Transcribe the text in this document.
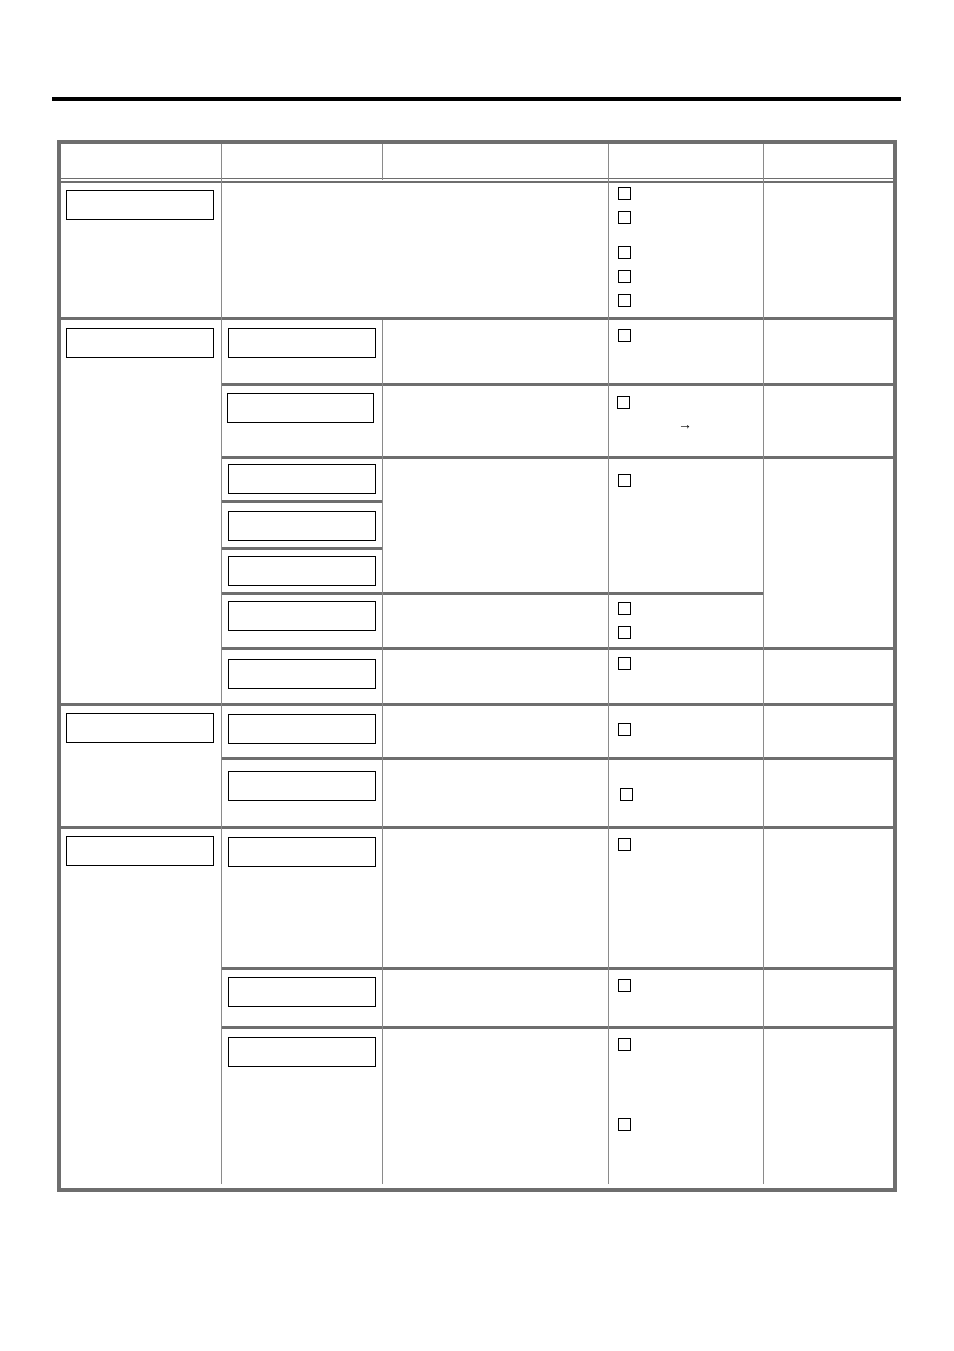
→
